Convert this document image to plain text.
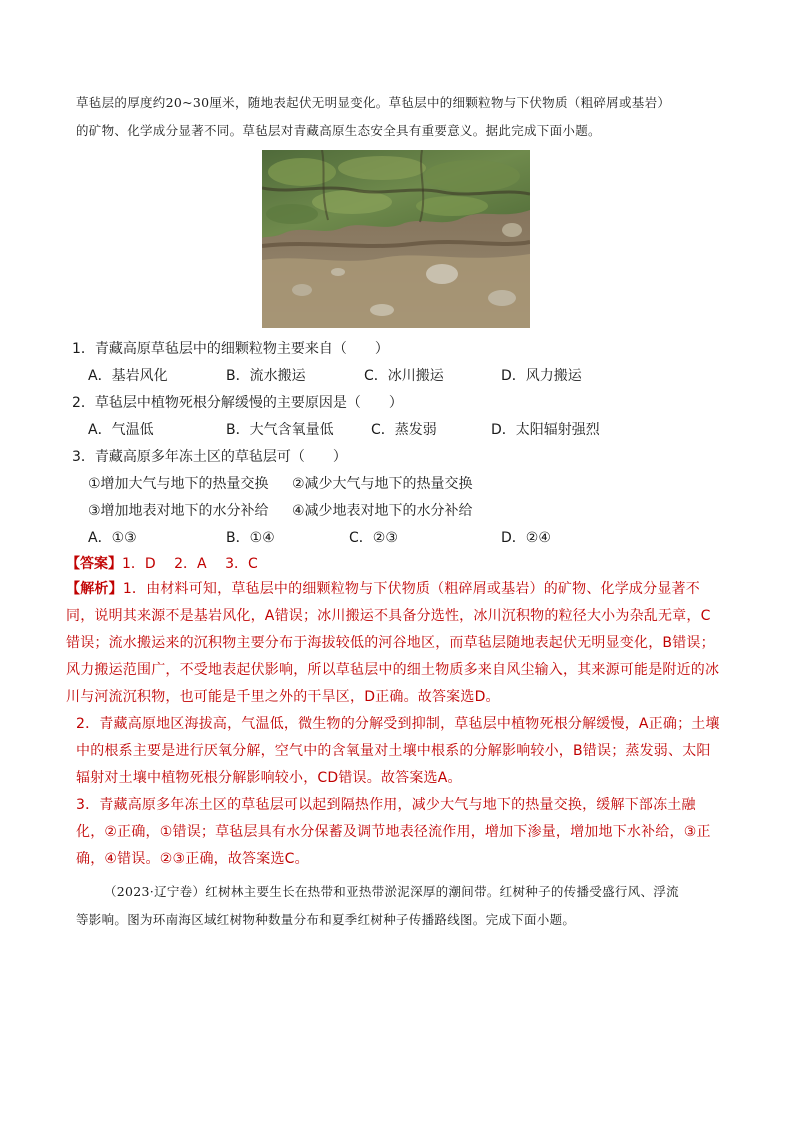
草毡层的厚度约20~30厘米，随地表起伏无明显变化。草毡层中的细颗粒物与下伏物质（粗碎屑或基岩）
的矿物、化学成分显著不同。草毡层对青藏高原生态安全具有重要意义。据此完成下面小题。
1．青藏高原草毡层中的细颗粒物主要来自（　　）
A．基岩风化	B．流水搬运	C．冰川搬运	D．风力搬运
2．草毡层中植物死根分解缓慢的主要原因是（　　）
A．气温低	B．大气含氧量低	C．蒸发弱	D．太阳辐射强烈
3．青藏高原多年冻土区的草毡层可（　　）
①增加大气与地下的热量交换 ②减少大气与地下的热量交换
③增加地表对地下的水分补给 ④减少地表对地下的水分补给
A．①③	B．①④	C．②③	D．②④
【答案】1．D　 2．A　 3．C

【解析】1．由材料可知，草毡层中的细颗粒物与下伏物质（粗碎屑或基岩）的矿物、化学成分显著不同，说明其来源不是基岩风化，A错误；冰川搬运不具备分选性，冰川沉积物的粒径大小为杂乱无章，C错误；流水搬运来的沉积物主要分布于海拔较低的河谷地区，而草毡层随地表起伏无明显变化，B错误；风力搬运范围广，不受地表起伏影响，所以草毡层中的细土物质多来自风尘输入，其来源可能是附近的冰川与河流沉积物，也可能是千里之外的干旱区，D正确。故答案选D。

2．青藏高原地区海拔高，气温低，微生物的分解受到抑制，草毡层中植物死根分解缓慢，A正确；土壤中的根系主要是进行厌氧分解，空气中的含氧量对土壤中根系的分解影响较小，B错误；蒸发弱、太阳辐射对土壤中植物死根分解影响较小，CD错误。故答案选A。

3．青藏高原多年冻土区的草毡层可以起到隔热作用，减少大气与地下的热量交换，缓解下部冻土融化，②正确，①错误；草毡层具有水分保蓄及调节地表径流作用，增加下渗量，增加地下水补给，③正确，④错误。②③正确，故答案选C。

（2023·辽宁卷）红树林主要生长在热带和亚热带淤泥深厚的潮间带。红树种子的传播受盛行风、浮流
等影响。图为环南海区域红树物种数量分布和夏季红树种子传播路线图。完成下面小题。
